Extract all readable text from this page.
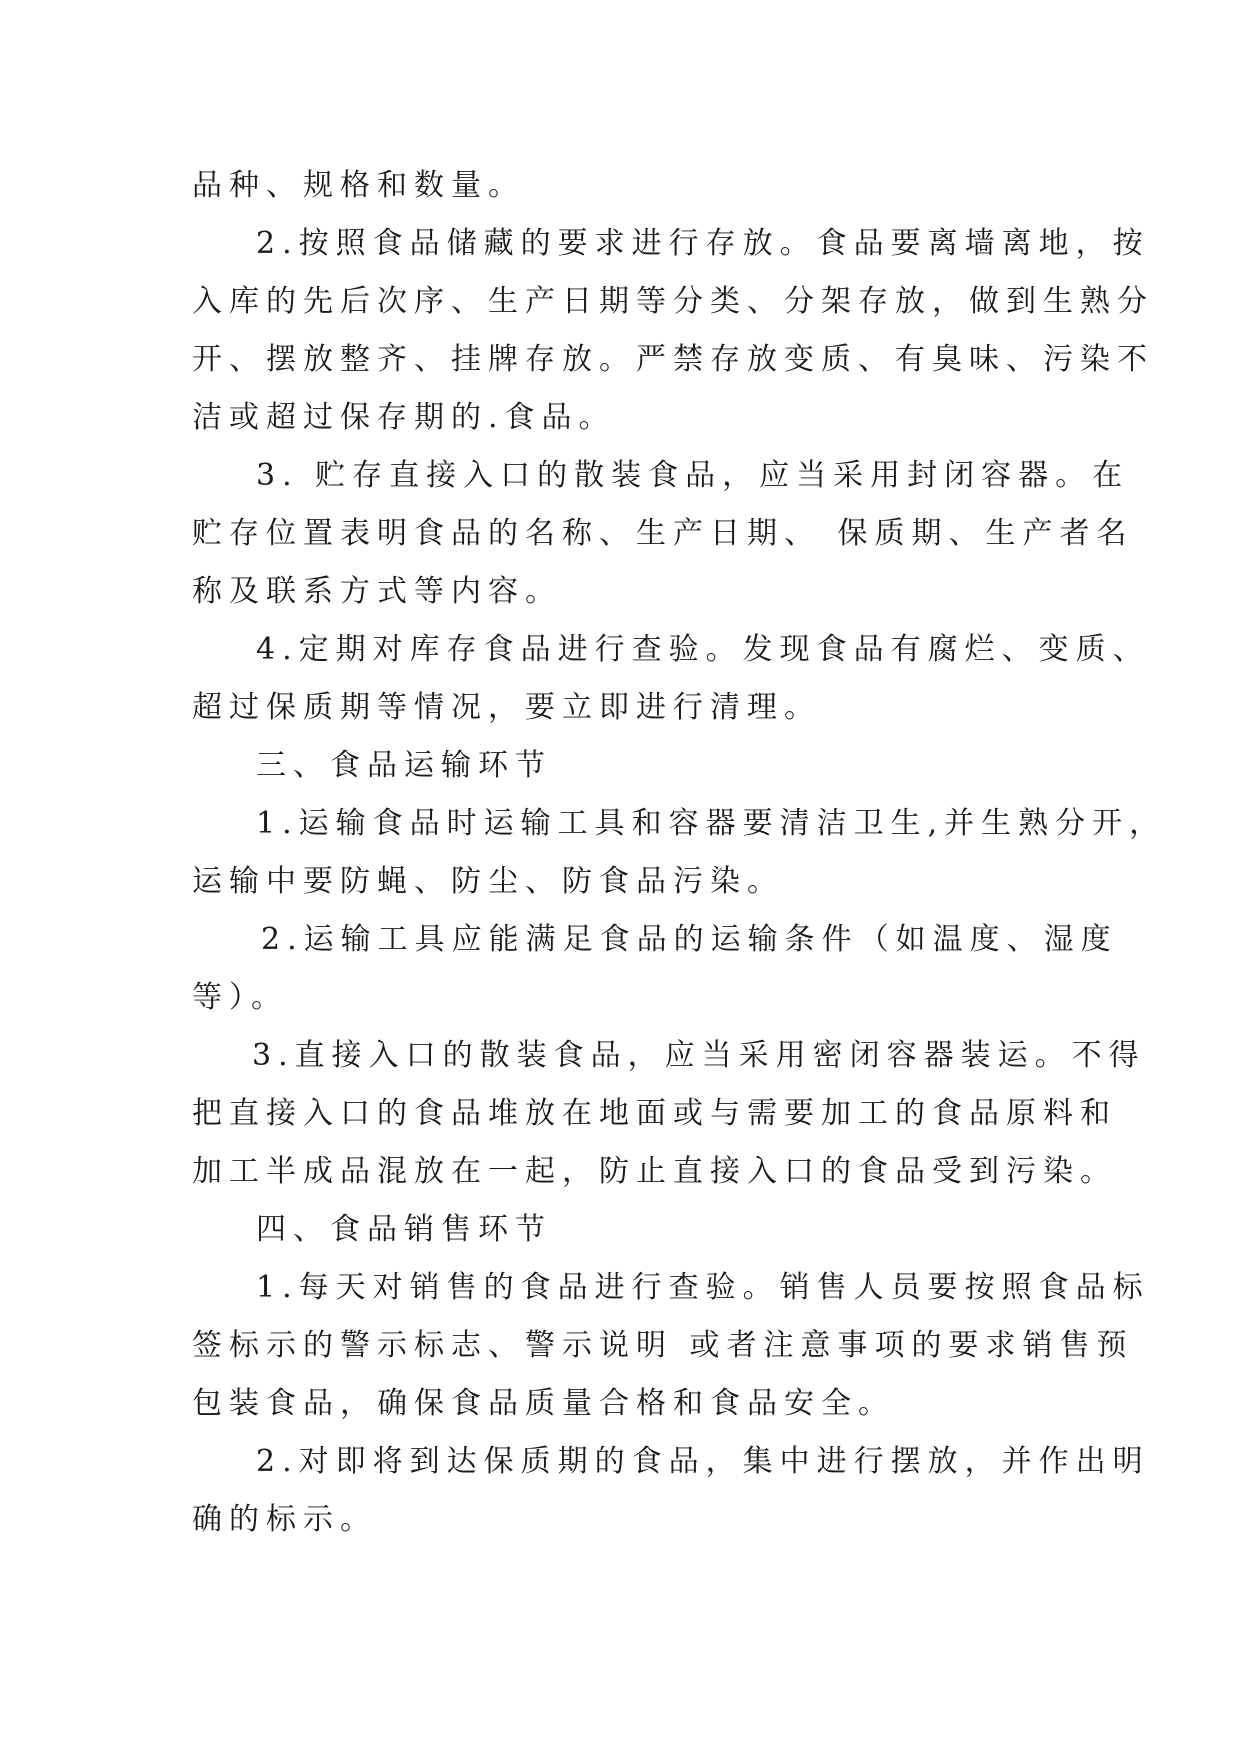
品种、规格和数量。
2.按照食品储藏的要求进行存放。食品要离墙离地，按
入库的先后次序、生产日期等分类、分架存放，做到生熟分
开、摆放整齐、挂牌存放。严禁存放变质、有臭味、污染不
洁或超过保存期的.食品。
3. 贮存直接入口的散装食品，应当采用封闭容器。在
贮存位置表明食品的名称、生产日期、 保质期、生产者名
称及联系方式等内容。
4.定期对库存食品进行查验。发现食品有腐烂、变质、
超过保质期等情况，要立即进行清理。
三、食品运输环节
1.运输食品时运输工具和容器要清洁卫生,并生熟分开，
运输中要防蝇、防尘、防食品污染。
2.运输工具应能满足食品的运输条件（如温度、湿度
等）。
3.直接入口的散装食品，应当采用密闭容器装运。不得
把直接入口的食品堆放在地面或与需要加工的食品原料和
加工半成品混放在一起，防止直接入口的食品受到污染。
四、食品销售环节
1.每天对销售的食品进行查验。销售人员要按照食品标
签标示的警示标志、警示说明 或者注意事项的要求销售预
包装食品，确保食品质量合格和食品安全。
2.对即将到达保质期的食品，集中进行摆放，并作出明
确的标示。
